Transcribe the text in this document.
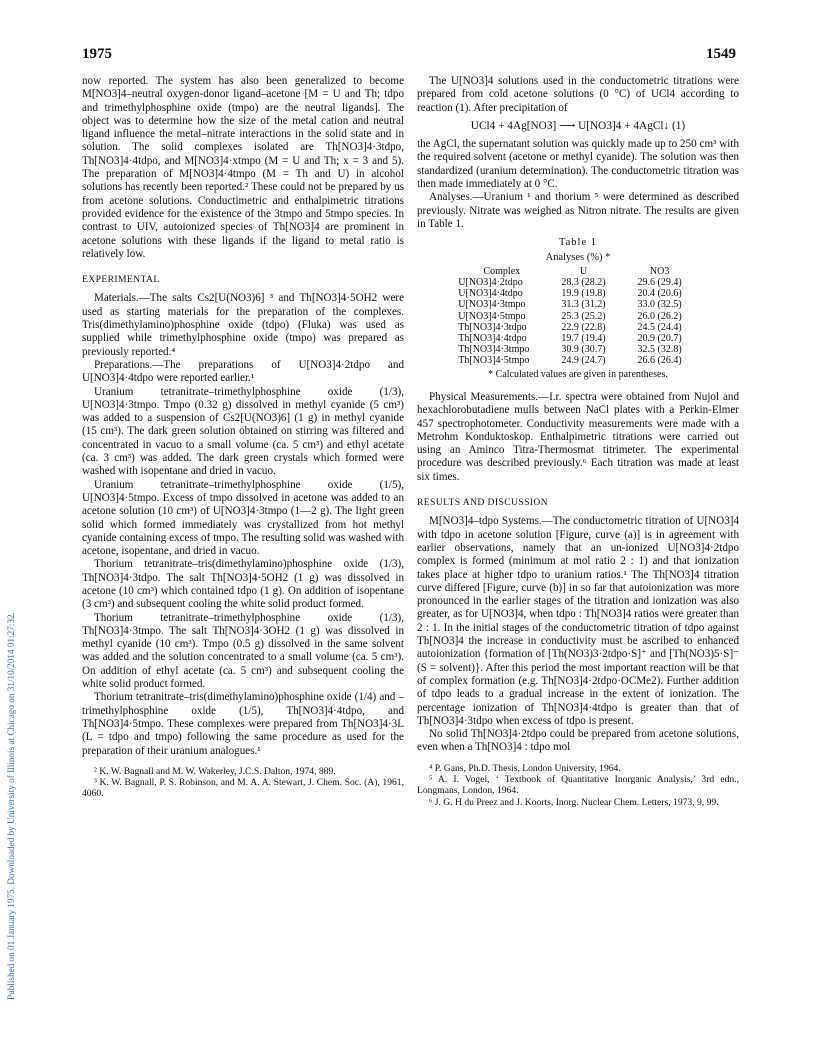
1975	1549
Published on 01 January 1975. Downloaded by University of Illinois at Chicago on 31/10/2014 01:27:32.

now reported. The system has also been generalized to become M[NO3]4–neutral oxygen-donor ligand–acetone [M = U and Th; tdpo and trimethylphosphine oxide (tmpo) are the neutral ligands]. The object was to determine how the size of the metal cation and neutral ligand influence the metal–nitrate interactions in the solid state and in solution. The solid complexes isolated are Th[NO3]4·3tdpo, Th[NO3]4·4tdpo, and M[NO3]4·xtmpo (M = U and Th; x = 3 and 5). The preparation of M[NO3]4·4tmpo (M = Th and U) in alcohol solutions has recently been reported.² These could not be prepared by us from acetone solutions. Conductimetric and enthalpimetric titrations provided evidence for the existence of the 3tmpo and 5tmpo species. In contrast to UIV, autoionized species of Th[NO3]4 are prominent in acetone solutions with these ligands if the ligand to metal ratio is relatively low.

EXPERIMENTAL

Materials.—The salts Cs2[U(NO3)6] ³ and Th[NO3]4·5OH2 were used as starting materials for the preparation of the complexes. Tris(dimethylamino)phosphine oxide (tdpo) (Fluka) was used as supplied while trimethylphosphine oxide (tmpo) was prepared as previously reported.⁴

Preparations.—The preparations of U[NO3]4·2tdpo and U[NO3]4·4tdpo were reported earlier.¹

Uranium tetranitrate–trimethylphosphine oxide (1/3), U[NO3]4·3tmpo. Tmpo (0.32 g) dissolved in methyl cyanide (5 cm³) was added to a suspension of Cs2[U(NO3)6] (1 g) in methyl cyanide (15 cm³). The dark green solution obtained on stirring was filtered and concentrated in vacuo to a small volume (ca. 5 cm³) and ethyl acetate (ca. 3 cm³) was added. The dark green crystals which formed were washed with isopentane and dried in vacuo.

Uranium tetranitrate–trimethylphosphine oxide (1/5), U[NO3]4·5tmpo. Excess of tmpo dissolved in acetone was added to an acetone solution (10 cm³) of U[NO3]4·3tmpo (1—2 g). The light green solid which formed immediately was crystallized from hot methyl cyanide containing excess of tmpo. The resulting solid was washed with acetone, isopentane, and dried in vacuo.

Thorium tetranitrate–tris(dimethylamino)phosphine oxide (1/3), Th[NO3]4·3tdpo. The salt Th[NO3]4·5OH2 (1 g) was dissolved in acetone (10 cm³) which contained tdpo (1 g). On addition of isopentane (3 cm³) and subsequent cooling the white solid product formed.

Thorium tetranitrate–trimethylphosphine oxide (1/3), Th[NO3]4·3tmpo. The salt Th[NO3]4·3OH2 (1 g) was dissolved in methyl cyanide (10 cm³). Tmpo (0.5 g) dissolved in the same solvent was added and the solution concentrated to a small volume (ca. 5 cm³). On addition of ethyl acetate (ca. 5 cm³) and subsequent cooling the white solid product formed.

Thorium tetranitrate–tris(dimethylamino)phosphine oxide (1/4) and –trimethylphosphine oxide (1/5), Th[NO3]4·4tdpo, and Th[NO3]4·5tmpo. These complexes were prepared from Th[NO3]4·3L (L = tdpo and tmpo) following the same procedure as used for the preparation of their uranium analogues.¹

² K. W. Bagnall and M. W. Wakerley, J.C.S. Dalton, 1974, 889.

³ K. W. Bagnall, P. S. Robinson, and M. A. A. Stewart, J. Chem. Soc. (A), 1961, 4060.

The U[NO3]4 solutions used in the conductometric titrations were prepared from cold acetone solutions (0 °C) of UCl4 according to reaction (1). After precipitation of

UCl4 + 4Ag[NO3] ⟶ U[NO3]4 + 4AgCl↓ (1)

the AgCl, the supernatant solution was quickly made up to 250 cm³ with the required solvent (acetone or methyl cyanide). The solution was then standardized (uranium determination). The conductometric titration was then made immediately at 0 °C.

Analyses.—Uranium ¹ and thorium ⁵ were determined as described previously. Nitrate was weighed as Nitron nitrate. The results are given in Table 1.

Table 1
Analyses (%) *
Complex	U	NO3
U[NO3]4·2tdpo	28.3 (28.2)	29.6 (29.4)
U[NO3]4·4tdpo	19.9 (19.8)	20.4 (20.6)
U[NO3]4·3tmpo	31.3 (31.2)	33.0 (32.5)
U[NO3]4·5tmpo	25.3 (25.2)	26.0 (26.2)
Th[NO3]4·3tdpo	22.9 (22.8)	24.5 (24.4)
Th[NO3]4·4tdpo	19.7 (19.4)	20.9 (20.7)
Th[NO3]4·3tmpo	30.9 (30.7)	32.5 (32.8)
Th[NO3]4·5tmpo	24.9 (24.7)	26.6 (26.4)
* Calculated values are given in parentheses.

Physical Measurements.—I.r. spectra were obtained from Nujol and hexachlorobutadiene mulls between NaCl plates with a Perkin-Elmer 457 spectrophotometer. Conductivity measurements were made with a Metrohm Konduktoskop. Enthalpimetric titrations were carried out using an Aminco Titra-Thermosmat titrimeter. The experimental procedure was described previously.⁶ Each titration was made at least six times.

RESULTS AND DISCUSSION

M[NO3]4–tdpo Systems.—The conductometric titration of U[NO3]4 with tdpo in acetone solution [Figure, curve (a)] is in agreement with earlier observations, namely that an un-ionized U[NO3]4·2tdpo complex is formed (minimum at mol ratio 2 : 1) and that ionization takes place at higher tdpo to uranium ratios.¹ The Th[NO3]4 titration curve differed [Figure, curve (b)] in so far that autoionization was more pronounced in the earlier stages of the titration and ionization was also greater, as for U[NO3]4, when tdpo : Th[NO3]4 ratios were greater than 2 : 1. In the initial stages of the conductometric titration of tdpo against Th[NO3]4 the increase in conductivity must be ascribed to enhanced autoionization {formation of [Th(NO3)3·2tdpo·S]⁺ and [Th(NO3)5·S]⁻ (S = solvent)}. After this period the most important reaction will be that of complex formation (e.g. Th[NO3]4·2tdpo·OCMe2). Further addition of tdpo leads to a gradual increase in the extent of ionization. The percentage ionization of Th[NO3]4·4tdpo is greater than that of Th[NO3]4·3tdpo when excess of tdpo is present.

No solid Th[NO3]4·2tdpo could be prepared from acetone solutions, even when a Th[NO3]4 : tdpo mol

⁴ P. Gans, Ph.D. Thesis, London University, 1964.

⁵ A. I. Vogel, ‘ Textbook of Quantitative Inorganic Analysis,’ 3rd edn., Longmans, London, 1964.

⁶ J. G. H du Preez and J. Koorts, Inorg. Nuclear Chem. Letters, 1973, 9, 99.
